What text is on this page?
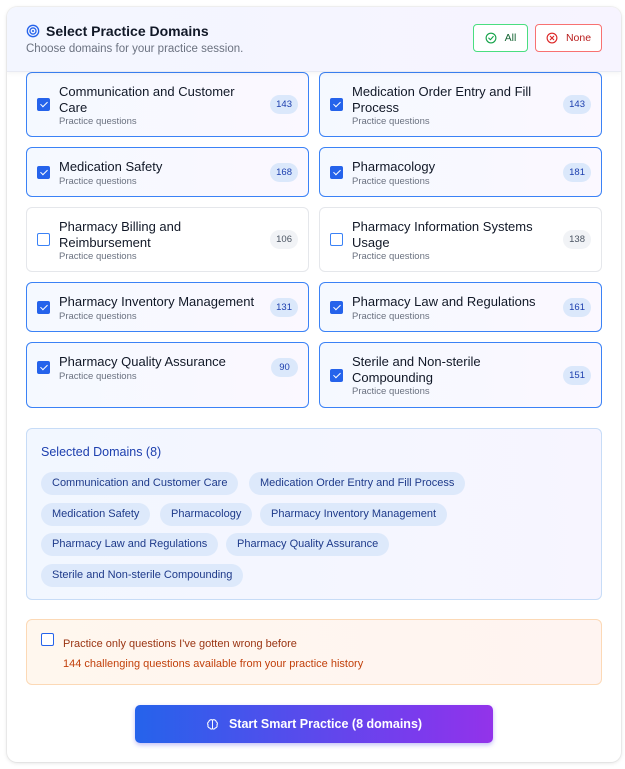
Communication and Customer Care
Practice questions
143
Medication Order Entry and Fill Process
Practice questions
143
Medication Safety
Practice questions
168	Pharmacology
Practice questions
181
Pharmacy Billing and Reimbursement
Practice questions
106
Pharmacy Information Systems Usage
Practice questions
138
Pharmacy Inventory Management
Practice questions
131	Pharmacy Law and Regulations
Practice questions
161
Pharmacy Quality Assurance
Practice questions
90	Sterile and Non-sterile Compounding
Practice questions
151
Select Practice Domains
Choose domains for your practice session.
All	None
Selected Domains (8)
Communication and Customer Care	Medication Order Entry and Fill Process
Medication Safety	Pharmacology	Pharmacy Inventory Management
Pharmacy Law and Regulations	Pharmacy Quality Assurance
Sterile and Non-sterile Compounding
Practice only questions I've gotten wrong before
144 challenging questions available from your practice history
Start Smart Practice (8 domains)
